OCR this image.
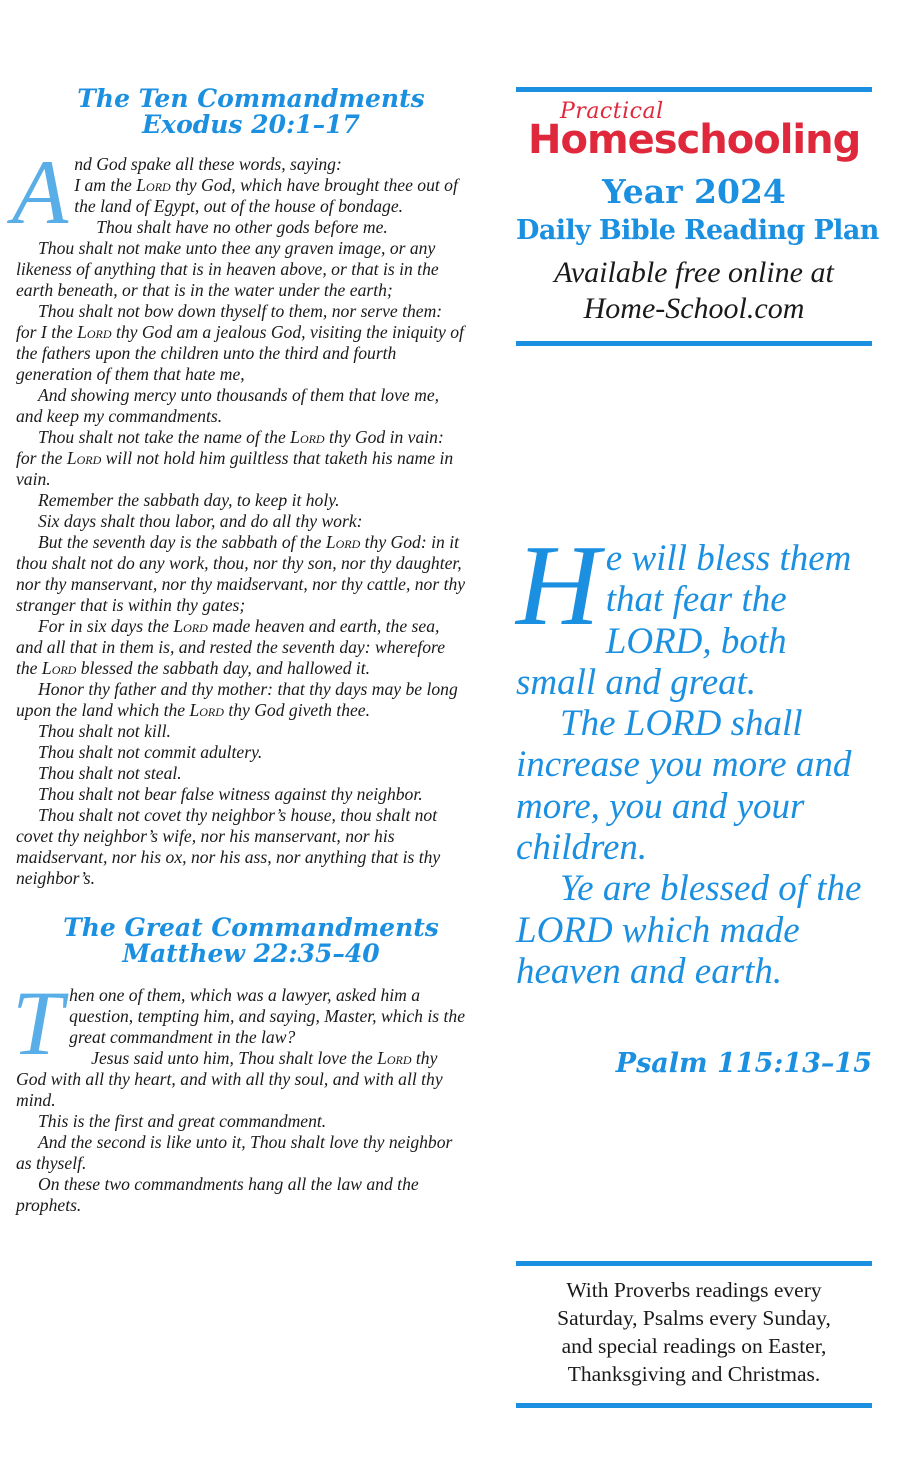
The Ten Commandments
Exodus 20:1–17
A nd God spake all these words, saying:

I am the Lord thy God, which have brought thee out of the land of Egypt, out of the house of bondage.

Thou shalt have no other gods before me.

Thou shalt not make unto thee any graven image, or any likeness of anything that is in heaven above, or that is in the earth beneath, or that is in the water under the earth;

Thou shalt not bow down thyself to them, nor serve them: for I the Lord thy God am a jealous God, visiting the iniquity of the fathers upon the children unto the third and fourth generation of them that hate me,

And showing mercy unto thousands of them that love me, and keep my commandments.

Thou shalt not take the name of the Lord thy God in vain: for the Lord will not hold him guiltless that taketh his name in vain.

Remember the sabbath day, to keep it holy.

Six days shalt thou labor, and do all thy work:

But the seventh day is the sabbath of the Lord thy God: in it thou shalt not do any work, thou, nor thy son, nor thy daughter, nor thy manservant, nor thy maidservant, nor thy cattle, nor thy stranger that is within thy gates;

For in six days the Lord made heaven and earth, the sea, and all that in them is, and rested the seventh day: wherefore the Lord blessed the sabbath day, and hallowed it.

Honor thy father and thy mother: that thy days may be long upon the land which the Lord thy God giveth thee.

Thou shalt not kill.

Thou shalt not commit adultery.

Thou shalt not steal.

Thou shalt not bear false witness against thy neighbor.

Thou shalt not covet thy neighbor’s house, thou shalt not covet thy neighbor’s wife, nor his manservant, nor his maidservant, nor his ox, nor his ass, nor anything that is thy neighbor’s.

The Great Commandments
Matthew 22:35–40
T hen one of them, which was a lawyer, asked him a question, tempting him, and saying, Master, which is the great commandment in the law?

Jesus said unto him, Thou shalt love the Lord thy God with all thy heart, and with all thy soul, and with all thy mind.

This is the first and great commandment.

And the second is like unto it, Thou shalt love thy neighbor as thyself.

On these two commandments hang all the law and the prophets.

Practical
Homeschooling
Year 2024
Daily Bible Reading Plan
Available free online at
Home-School.com
H e will bless them that fear the LORD, both small and great.

The LORD shall increase you more and more, you and your children.

Ye are blessed of the LORD which made heaven and earth.

Psalm 115:13–15
With Proverbs readings every
Saturday, Psalms every Sunday,
and special readings on Easter,
Thanksgiving and Christmas.
